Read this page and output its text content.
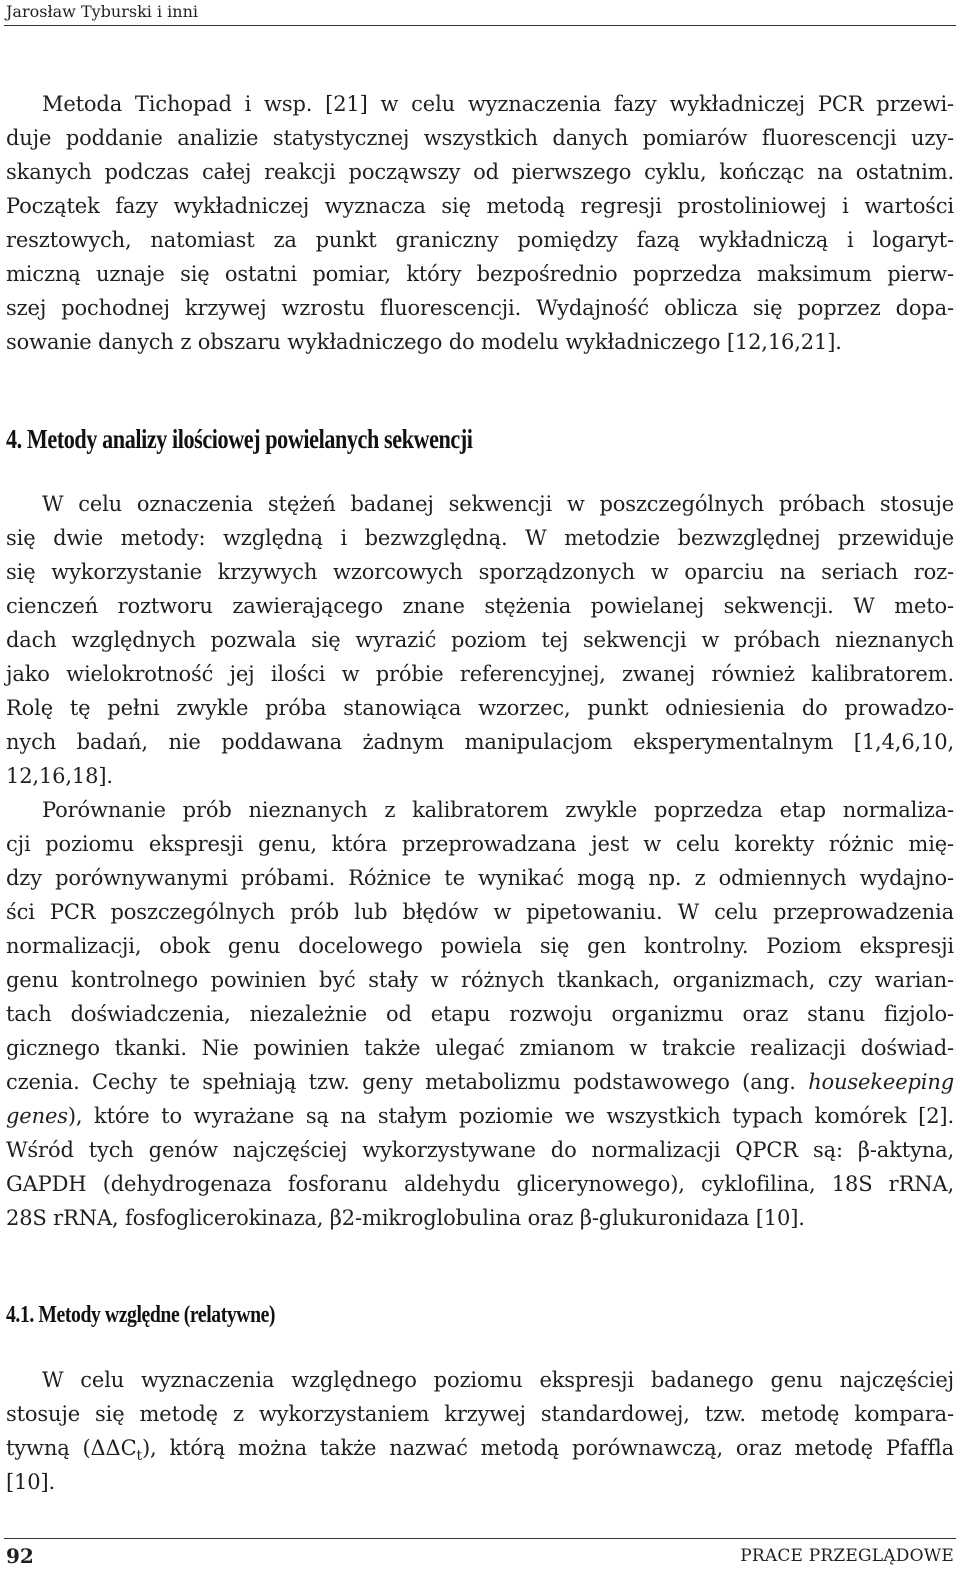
Jarosław Tyburski i inni
Metoda Tichopad i wsp. [21] w celu wyznaczenia fazy wykładniczej PCR przewi-
duje poddanie analizie statystycznej wszystkich danych pomiarów fluorescencji uzy-
skanych podczas całej reakcji począwszy od pierwszego cyklu, kończąc na ostatnim.
Początek fazy wykładniczej wyznacza się metodą regresji prostoliniowej i wartości
resztowych, natomiast za punkt graniczny pomiędzy fazą wykładniczą i logaryt-
miczną uznaje się ostatni pomiar, który bezpośrednio poprzedza maksimum pierw-
szej pochodnej krzywej wzrostu fluorescencji. Wydajność oblicza się poprzez dopa-
sowanie danych z obszaru wykładniczego do modelu wykładniczego [12,16,21].
4. Metody analizy ilościowej powielanych sekwencji
W celu oznaczenia stężeń badanej sekwencji w poszczególnych próbach stosuje
się dwie metody: względną i bezwzględną. W metodzie bezwzględnej przewiduje
się wykorzystanie krzywych wzorcowych sporządzonych w oparciu na seriach roz-
cienczeń roztworu zawierającego znane stężenia powielanej sekwencji. W meto-
dach względnych pozwala się wyrazić poziom tej sekwencji w próbach nieznanych
jako wielokrotność jej ilości w próbie referencyjnej, zwanej również kalibratorem.
Rolę tę pełni zwykle próba stanowiąca wzorzec, punkt odniesienia do prowadzo-
nych badań, nie poddawana żadnym manipulacjom eksperymentalnym [1,4,6,10,
12,16,18].
Porównanie prób nieznanych z kalibratorem zwykle poprzedza etap normaliza-
cji poziomu ekspresji genu, która przeprowadzana jest w celu korekty różnic mię-
dzy porównywanymi próbami. Różnice te wynikać mogą np. z odmiennych wydajno-
ści PCR poszczególnych prób lub błędów w pipetowaniu. W celu przeprowadzenia
normalizacji, obok genu docelowego powiela się gen kontrolny. Poziom ekspresji
genu kontrolnego powinien być stały w różnych tkankach, organizmach, czy warian-
tach doświadczenia, niezależnie od etapu rozwoju organizmu oraz stanu fizjolo-
gicznego tkanki. Nie powinien także ulegać zmianom w trakcie realizacji doświad-
czenia. Cechy te spełniają tzw. geny metabolizmu podstawowego (ang. housekeeping
genes), które to wyrażane są na stałym poziomie we wszystkich typach komórek [2].
Wśród tych genów najczęściej wykorzystywane do normalizacji QPCR są: β-aktyna,
GAPDH (dehydrogenaza fosforanu aldehydu glicerynowego), cyklofilina, 18S rRNA,
28S rRNA, fosfoglicerokinaza, β2-mikroglobulina oraz β-glukuronidaza [10].
4.1. Metody względne (relatywne)
W celu wyznaczenia względnego poziomu ekspresji badanego genu najczęściej
stosuje się metodę z wykorzystaniem krzywej standardowej, tzw. metodę kompara-
tywną $(\Delta\Delta C_t)$, którą można także nazwać metodą porównawczą, oraz metodę Pfaffla
[10].
92	PRACE PRZEGLĄDOWE
